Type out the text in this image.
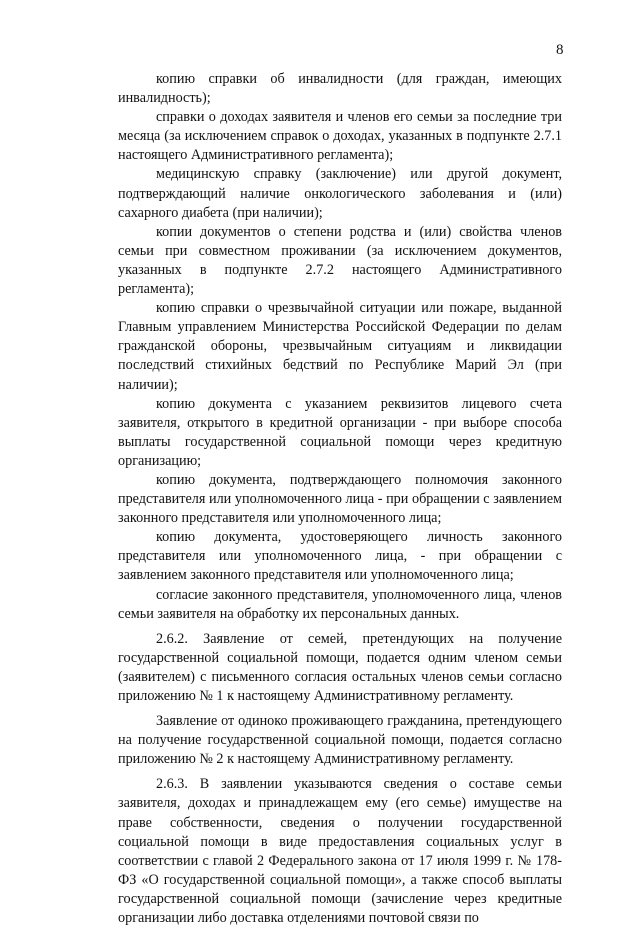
8

копию справки об инвалидности (для граждан, имеющих инвалидность);

справки о доходах заявителя и членов его семьи за последние три месяца (за исключением справок о доходах, указанных в подпункте 2.7.1 настоящего Административного регламента);

медицинскую справку (заключение) или другой документ, подтверждающий наличие онкологического заболевания и (или) сахарного диабета (при наличии);

копии документов о степени родства и (или) свойства членов семьи при совместном проживании (за исключением документов, указанных в подпункте 2.7.2 настоящего Административного регламента);

копию справки о чрезвычайной ситуации или пожаре, выданной Главным управлением Министерства Российской Федерации по делам гражданской обороны, чрезвычайным ситуациям и ликвидации последствий стихийных бедствий по Республике Марий Эл (при наличии);

копию документа с указанием реквизитов лицевого счета заявителя, открытого в кредитной организации - при выборе способа выплаты государственной социальной помощи через кредитную организацию;

копию документа, подтверждающего полномочия законного представителя или уполномоченного лица - при обращении с заявлением законного представителя или уполномоченного лица;

копию документа, удостоверяющего личность законного представителя или уполномоченного лица, - при обращении с заявлением законного представителя или уполномоченного лица;

согласие законного представителя, уполномоченного лица, членов семьи заявителя на обработку их персональных данных.

2.6.2. Заявление от семей, претендующих на получение государственной социальной помощи, подается одним членом семьи (заявителем) с письменного согласия остальных членов семьи согласно приложению № 1 к настоящему Административному регламенту.

Заявление от одиноко проживающего гражданина, претендующего на получение государственной социальной помощи, подается согласно приложению № 2 к настоящему Административному регламенту.

2.6.3. В заявлении указываются сведения о составе семьи заявителя, доходах и принадлежащем ему (его семье) имуществе на праве собственности, сведения о получении государственной социальной помощи в виде предоставления социальных услуг в соответствии с главой 2 Федерального закона от 17 июля 1999 г. № 178-ФЗ «О государственной социальной помощи», а также способ выплаты государственной социальной помощи (зачисление через кредитные организации либо доставка отделениями почтовой связи по
